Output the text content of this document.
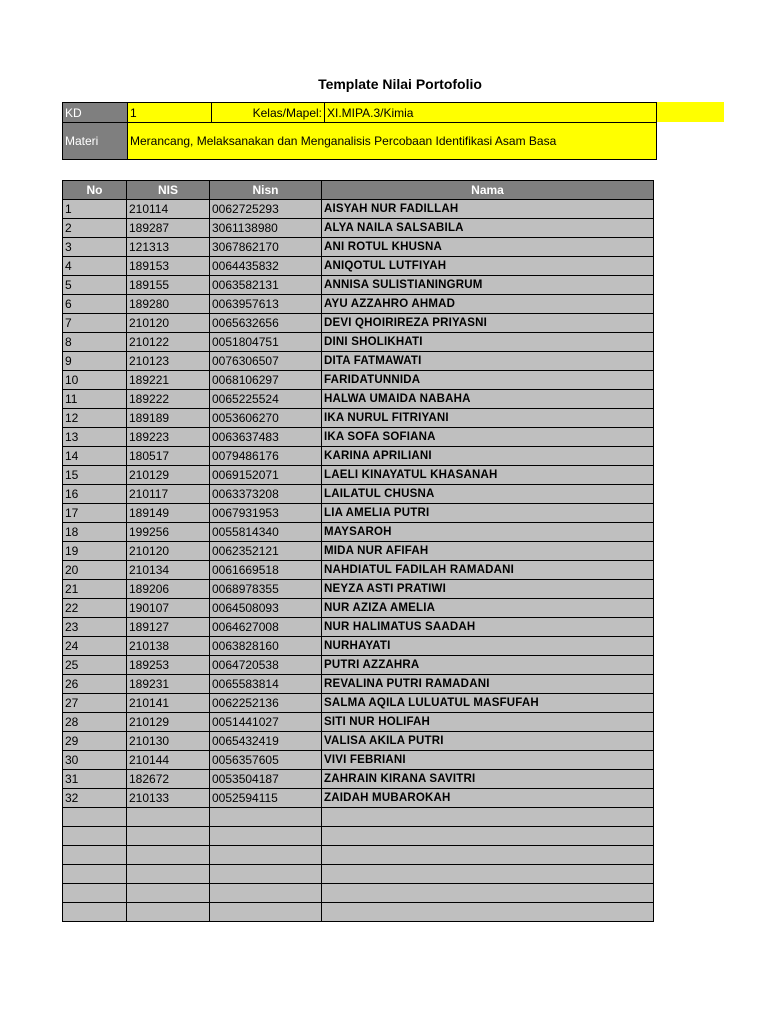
Template Nilai Portofolio
KD	1	Kelas/Mapel:	XI.MIPA.3/Kimia
Materi	Merancang, Melaksanakan dan Menganalisis Percobaan Identifikasi Asam Basa		
No	NIS	Nisn	Nama
1	210114	0062725293	AISYAH NUR FADILLAH
2	189287	3061138980	ALYA NAILA SALSABILA
3	121313	3067862170	ANI ROTUL KHUSNA
4	189153	0064435832	ANIQOTUL LUTFIYAH
5	189155	0063582131	ANNISA SULISTIANINGRUM
6	189280	0063957613	AYU AZZAHRO AHMAD
7	210120	0065632656	DEVI QHOIRIREZA PRIYASNI
8	210122	0051804751	DINI SHOLIKHATI
9	210123	0076306507	DITA FATMAWATI
10	189221	0068106297	FARIDATUNNIDA
11	189222	0065225524	HALWA UMAIDA NABAHA
12	189189	0053606270	IKA NURUL FITRIYANI
13	189223	0063637483	IKA SOFA SOFIANA
14	180517	0079486176	KARINA APRILIANI
15	210129	0069152071	LAELI KINAYATUL KHASANAH
16	210117	0063373208	LAILATUL CHUSNA
17	189149	0067931953	LIA AMELIA PUTRI
18	199256	0055814340	MAYSAROH
19	210120	0062352121	MIDA NUR AFIFAH
20	210134	0061669518	NAHDIATUL FADILAH RAMADANI
21	189206	0068978355	NEYZA ASTI PRATIWI
22	190107	0064508093	NUR AZIZA AMELIA
23	189127	0064627008	NUR HALIMATUS SAADAH
24	210138	0063828160	NURHAYATI
25	189253	0064720538	PUTRI AZZAHRA
26	189231	0065583814	REVALINA PUTRI RAMADANI
27	210141	0062252136	SALMA AQILA LULUATUL MASFUFAH
28	210129	0051441027	SITI NUR HOLIFAH
29	210130	0065432419	VALISA AKILA PUTRI
30	210144	0056357605	VIVI FEBRIANI
31	182672	0053504187	ZAHRAIN KIRANA SAVITRI
32	210133	0052594115	ZAIDAH MUBAROKAH
